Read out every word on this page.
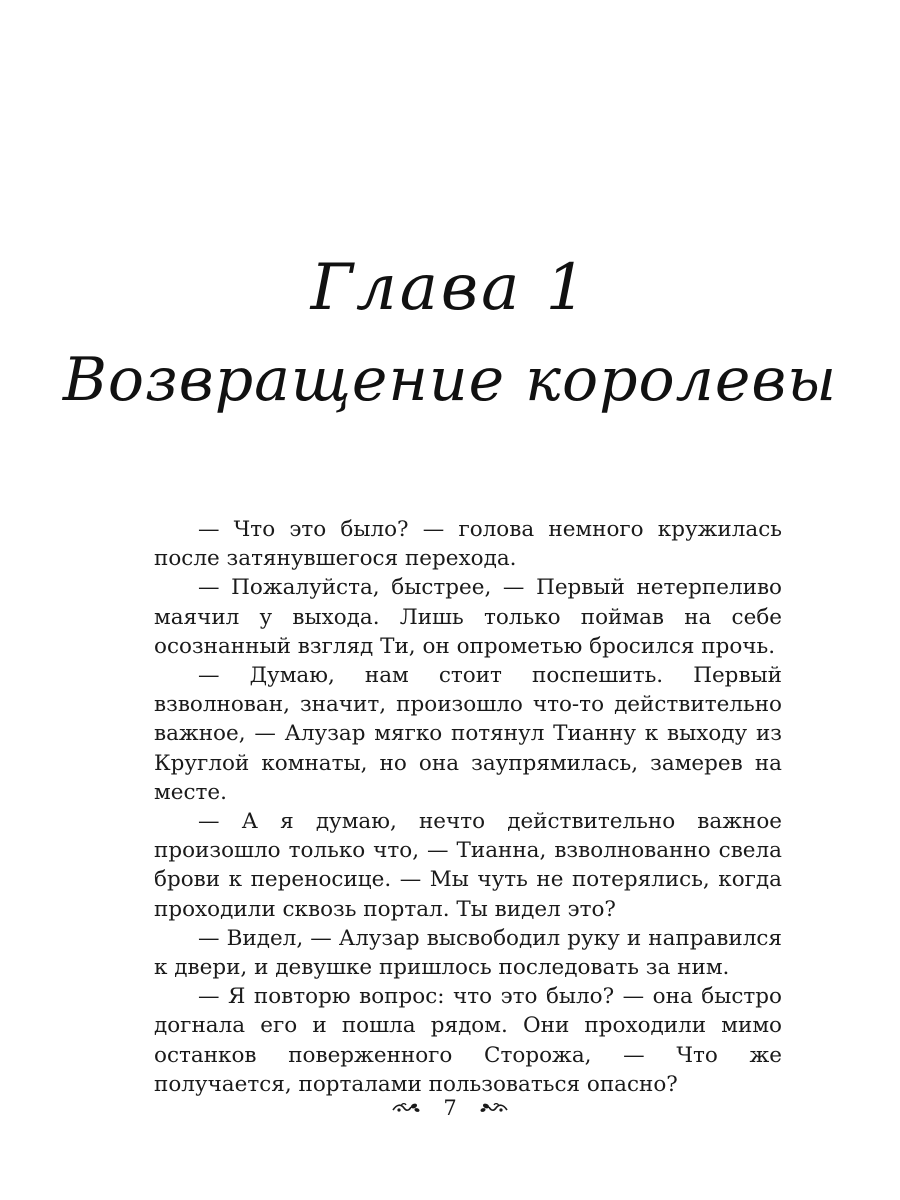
Глава 1
Возвращение королевы

— Что это было? — голова немного кружилась после затянувшегося перехода.

— Пожалуйста, быстрее, — Первый нетерпеливо маячил у выхода. Лишь только поймав на себе осознанный взгляд Ти, он опрометью бросился прочь.

— Думаю, нам стоит поспешить. Первый взволнован, значит, произошло что-то действительно важное, — Алузар мягко потянул Тианну к выходу из Круглой комнаты, но она заупрямилась, замерев на месте.

— А я думаю, нечто действительно важное произошло только что, — Тианна, взволнованно свела брови к переносице. — Мы чуть не потерялись, когда проходили сквозь портал. Ты видел это?

— Видел, — Алузар высвободил руку и направился к двери, и девушке пришлось последовать за ним.

— Я повторю вопрос: что это было? — она быстро догнала его и пошла рядом. Они проходили мимо останков поверженного Сторожа, — Что же получается, порталами пользоваться опасно?

7
